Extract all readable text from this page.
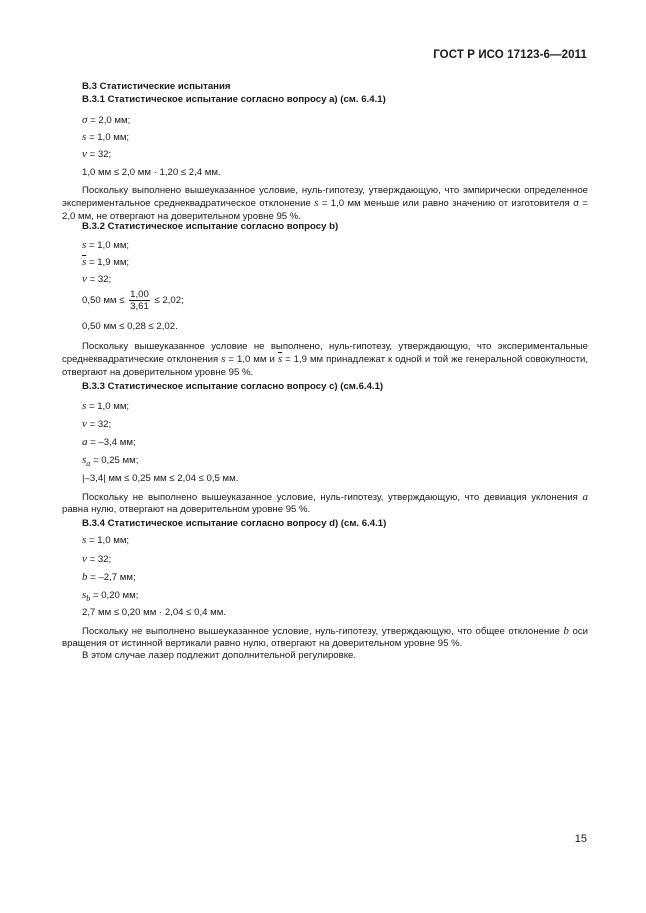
ГОСТ Р ИСО 17123-6—2011
В.3 Статистические испытания
В.3.1 Статистическое испытание согласно вопросу а) (см. 6.4.1)
σ = 2,0 мм;
s = 1,0 мм;
ν = 32;
1,0 мм ≤ 2,0 мм · 1,20 ≤ 2,4 мм.
Поскольку выполнено вышеуказанное условие, нуль-гипотезу, утверждающую, что эмпирически определенное экспериментальное среднеквадратическое отклонение s = 1,0 мм меньше или равно значению от изготовителя σ = 2,0 мм, не отвергают на доверительном уровне 95 %.
В.3.2 Статистическое испытание согласно вопросу b)
s = 1,0 мм;
$\overline{s} = 1,9$ мм;
ν = 32;
0,50 мм ≤ $\frac{1,00}{3,61} \le 2,02$;
0,50 мм ≤ 0,28 ≤ 2,02.
Поскольку вышеуказанное условие не выполнено, нуль-гипотезу, утверждающую, что экспериментальные среднеквадратические отклонения s = 1,0 мм и $\overline{s} = 1,9$ мм принадлежат к одной и той же генеральной совокупности, отвергают на доверительном уровне 95 %.
В.3.3 Статистическое испытание согласно вопросу с) (см.6.4.1)
s = 1,0 мм;
ν = 32;
a = –3,4 мм;
$s_a = 0,25$ мм;
|–3,4| мм ≤ 0,25 мм ≤ 2,04 ≤ 0,5 мм.
Поскольку не выполнено вышеуказанное условие, нуль-гипотезу, утверждающую, что девиация уклонения a равна нулю, отвергают на доверительном уровне 95 %.
В.3.4 Статистическое испытание согласно вопросу d) (см. 6.4.1)
s = 1,0 мм;
ν = 32;
b = –2,7 мм;
$s_b = 0,20$ мм;
2,7 мм ≤ 0,20 мм · 2,04 ≤ 0,4 мм.
Поскольку не выполнено вышеуказанное условие, нуль-гипотезу, утверждающую, что общее отклонение b оси вращения от истинной вертикали равно нулю, отвергают на доверительном уровне 95 %.
В этом случае лазер подлежит дополнительной регулировке.
15
